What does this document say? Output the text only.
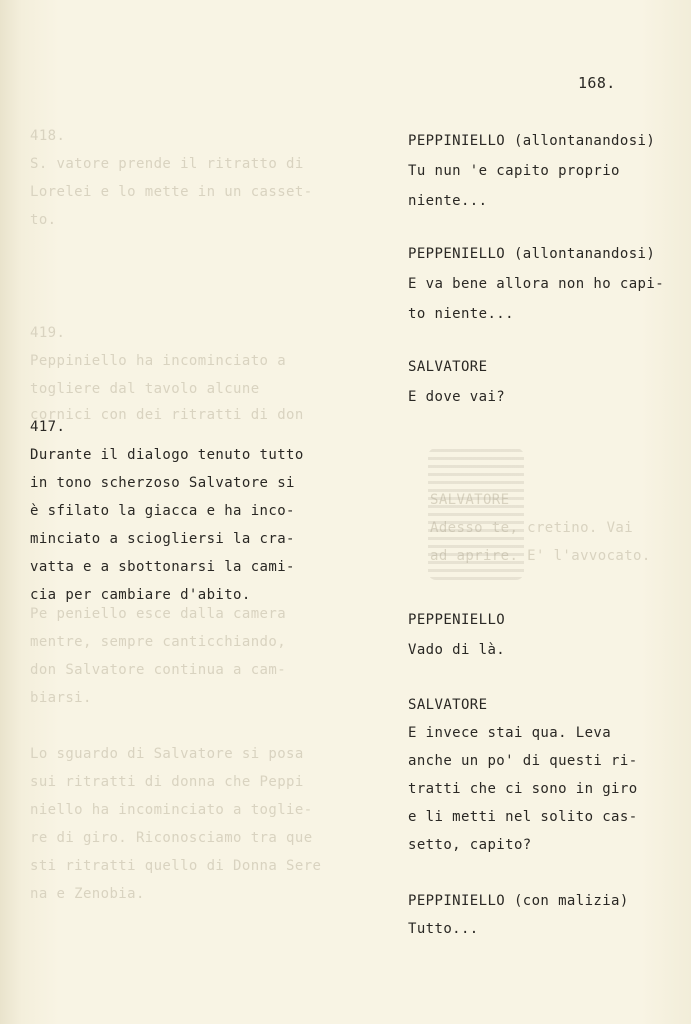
168.
418.
S. vatore prende il ritratto di
Lorelei e lo mette in un casset-
to.
419.
Peppiniello ha incominciato a
togliere dal tavolo alcune
cornici con dei ritratti di don
Pe peniello esce dalla camera
mentre, sempre canticchiando,
don Salvatore continua a cam-
biarsi.
Lo sguardo di Salvatore si posa
sui ritratti di donna che Peppi
niello ha incominciato a toglie-
re di giro. Riconosciamo tra que
sti ritratti quello di Donna Sere
na e Zenobia.
SALVATORE
Adesso te, cretino. Vai
ad aprire. E' l'avvocato.
417.
Durante il dialogo tenuto tutto
in tono scherzoso Salvatore si
è sfilato la giacca e ha inco-
minciato a sciogliersi la cra-
vatta e a sbottonarsi la cami-
cia per cambiare d'abito.
PEPPINIELLO (allontanandosi)
Tu nun 'e capito proprio
niente...
PEPPENIELLO (allontanandosi)
E va bene allora non ho capi-
to niente...
SALVATORE
E dove vai?
PEPPENIELLO
Vado di là.
SALVATORE
E invece stai qua. Leva
anche un po' di questi ri-
tratti che ci sono in giro
e li metti nel solito cas-
setto, capito?
PEPPINIELLO (con malizia)
Tutto...
